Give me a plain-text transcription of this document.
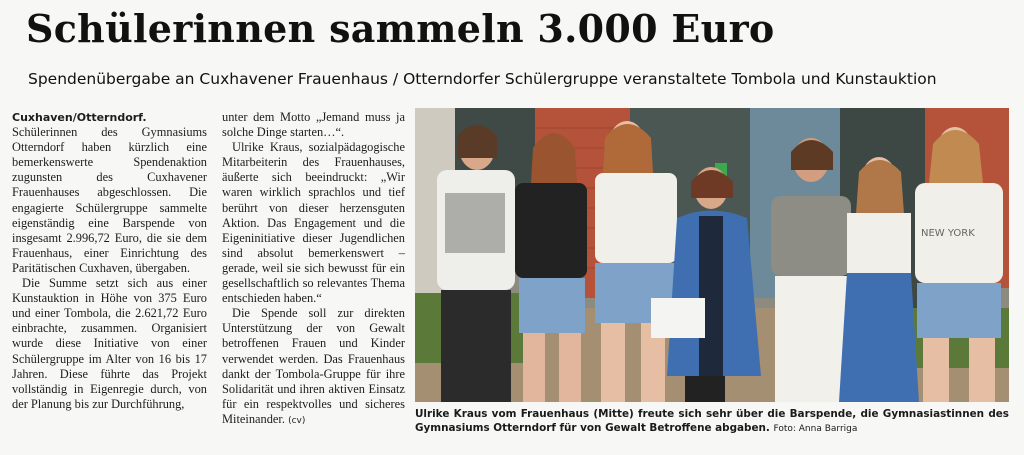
Schülerinnen sammeln 3.000 Euro
Spendenübergabe an Cuxhavener Frauenhaus / Otterndorfer Schülergruppe veranstaltete Tombola und Kunstauktion

Cuxhaven/Otterndorf. Schülerinnen des Gymnasiums Otterndorf haben kürzlich eine bemerkenswerte Spendenaktion zugunsten des Cuxhavener Frauenhauses abgeschlossen. Die engagierte Schülergruppe sammelte eigenständig eine Barspende von insgesamt 2.996,72 Euro, die sie dem Frauenhaus, einer Einrichtung des Paritätischen Cuxhaven, übergaben.

Die Summe setzt sich aus einer Kunstauktion in Höhe von 375 Euro und einer Tombola, die 2.621,72 Euro einbrachte, zusammen. Organisiert wurde diese Initiative von einer Schülergruppe im Alter von 16 bis 17 Jahren. Diese führte das Projekt vollständig in Eigenregie durch, von der Planung bis zur Durchführung,

unter dem Motto „Jemand muss ja solche Dinge starten…“.

Ulrike Kraus, sozialpädagogische Mitarbeiterin des Frauenhauses, äußerte sich beeindruckt: „Wir waren wirklich sprachlos und tief berührt von dieser herzensguten Aktion. Das Engagement und die Eigeninitiative dieser Jugendlichen sind absolut bemerkenswert – gerade, weil sie sich bewusst für ein gesellschaftlich so relevantes Thema entschieden haben.“

Die Spende soll zur direkten Unterstützung der von Gewalt betroffenen Frauen und Kinder verwendet werden. Das Frauenhaus dankt der Tombola-Gruppe für ihre Solidarität und ihren aktiven Einsatz für ein respektvolles und sicheres Miteinander. (cv)

NEW YORK
Ulrike Kraus vom Frauenhaus (Mitte) freute sich sehr über die Barspende, die Gymnasiastinnen des Gymnasiums Otterndorf für von Gewalt Betroffene abgaben. Foto: Anna Barriga
